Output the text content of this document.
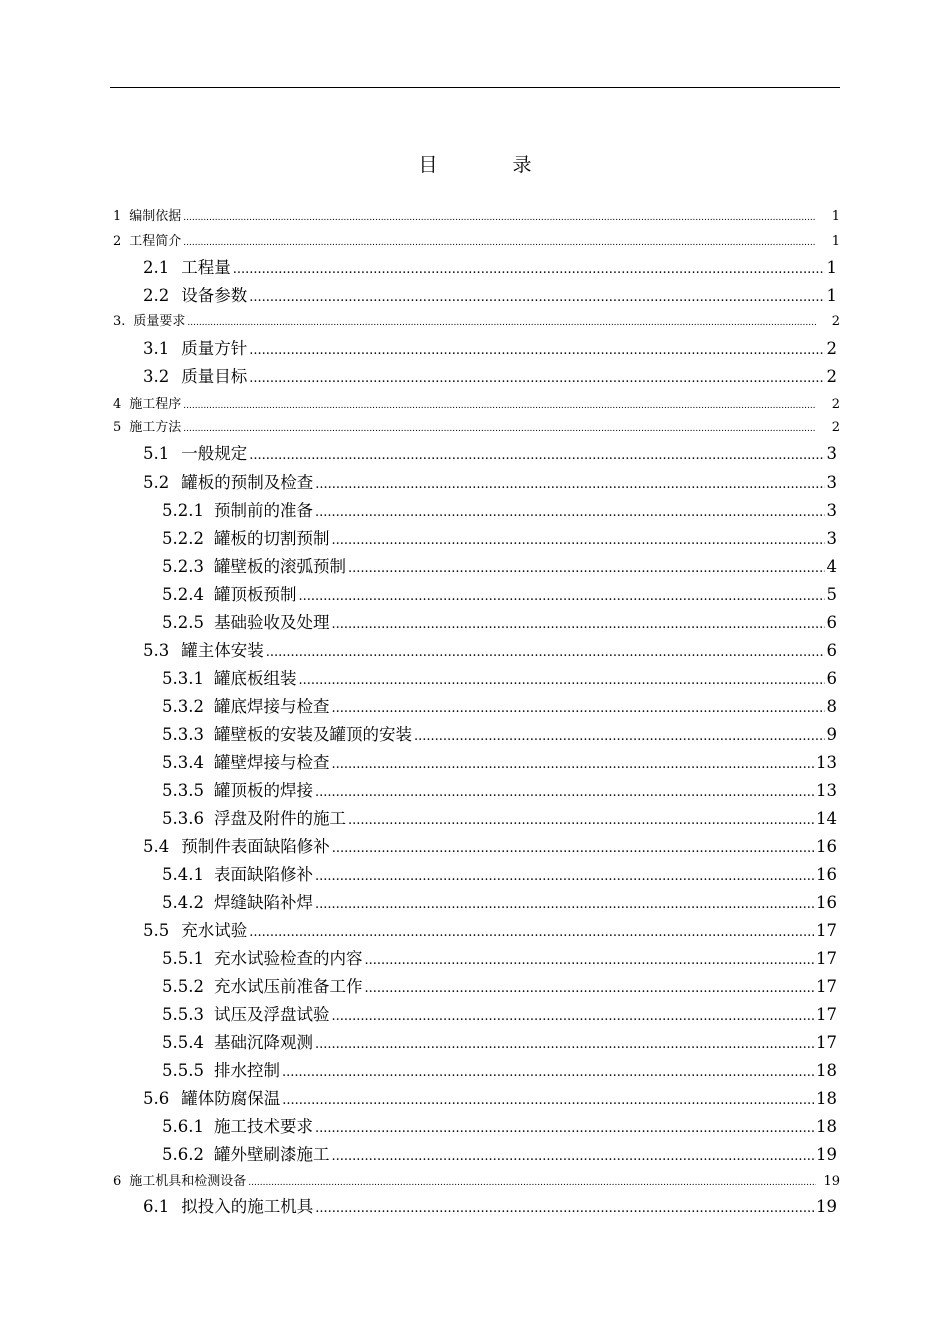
目　录
1 编制依据 .....	1
2 工程简介 .....	1
2.1 工程量 .....	1
2.2 设备参数 .....	1
3. 质量要求 .....	2
3.1 质量方针 .....	2
3.2 质量目标 .....	2
4 施工程序 .....	2
5 施工方法 .....	2
5.1 一般规定 .....	3
5.2 罐板的预制及检查 .....	3
5.2.1 预制前的准备 .....	3
5.2.2 罐板的切割预制 .....	3
5.2.3 罐壁板的滚弧预制 .....	4
5.2.4 罐顶板预制 .....	5
5.2.5 基础验收及处理 .....	6
5.3 罐主体安装 .....	6
5.3.1 罐底板组装 .....	6
5.3.2 罐底焊接与检查 .....	8
5.3.3 罐壁板的安装及罐顶的安装 .....	9
5.3.4 罐壁焊接与检查 .....	13
5.3.5 罐顶板的焊接 .....	13
5.3.6 浮盘及附件的施工 .....	14
5.4 预制件表面缺陷修补 .....	16
5.4.1 表面缺陷修补 .....	16
5.4.2 焊缝缺陷补焊 .....	16
5.5 充水试验 .....	17
5.5.1 充水试验检查的内容 .....	17
5.5.2 充水试压前准备工作 .....	17
5.5.3 试压及浮盘试验 .....	17
5.5.4 基础沉降观测 .....	17
5.5.5 排水控制 .....	18
5.6 罐体防腐保温 .....	18
5.6.1 施工技术要求 .....	18
5.6.2 罐外壁刷漆施工 .....	19
6 施工机具和检测设备 .....	19
6.1 拟投入的施工机具 .....	19
